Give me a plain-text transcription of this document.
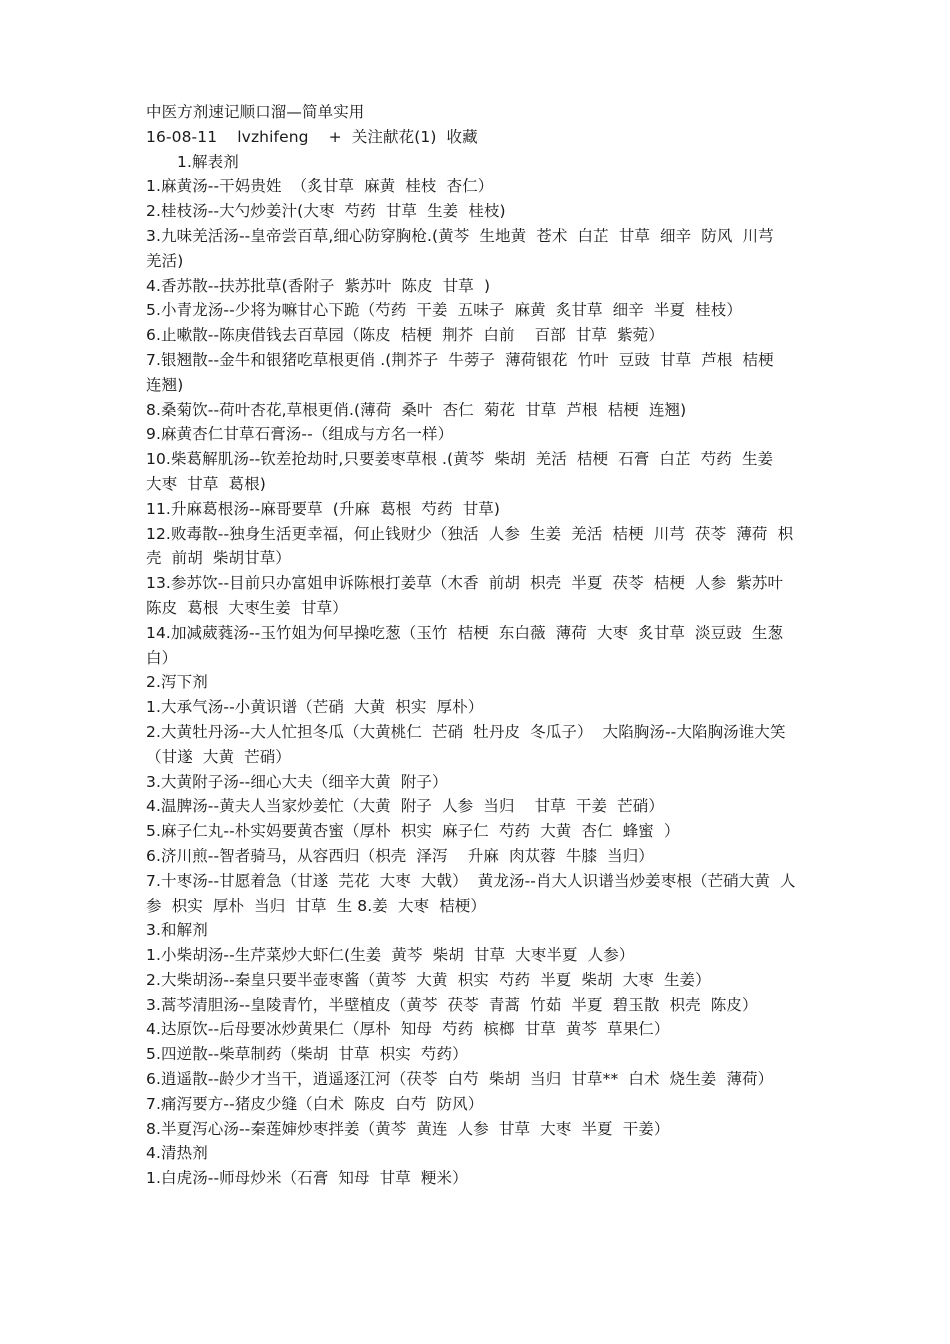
中医方剂速记顺口溜—简单实用
16-08-11    lvzhifeng    +  关注献花(1)  收藏
1.解表剂
1.麻黄汤--干妈贵姓  （炙甘草  麻黄  桂枝  杏仁）
2.桂枝汤--大勺炒姜汁(大枣  芍药  甘草  生姜  桂枝)
3.九味羌活汤--皇帝尝百草,细心防穿胸枪.(黄芩  生地黄  苍术  白芷  甘草  细辛  防风  川芎
羌活)
4.香苏散--扶苏批草(香附子  紫苏叶  陈皮  甘草  )
5.小青龙汤--少将为嘛甘心下跪（芍药  干姜  五味子  麻黄  炙甘草  细辛  半夏  桂枝）
6.止嗽散--陈庚借钱去百草园（陈皮  桔梗  荆芥  白前    百部  甘草  紫菀）
7.银翘散--金牛和银猪吃草根更俏 .(荆芥子  牛蒡子  薄荷银花  竹叶  豆豉  甘草  芦根  桔梗
连翘)
8.桑菊饮--荷叶杏花,草根更俏.(薄荷  桑叶  杏仁  菊花  甘草  芦根  桔梗  连翘)
9.麻黄杏仁甘草石膏汤--（组成与方名一样）
10.柴葛解肌汤--钦差抢劫时,只要姜枣草根 .(黄芩  柴胡  羌活  桔梗  石膏  白芷  芍药  生姜
大枣  甘草  葛根)
11.升麻葛根汤--麻哥要草  (升麻  葛根  芍药  甘草)
12.败毒散--独身生活更幸福，何止钱财少（独活  人参  生姜  羌活  桔梗  川芎  茯苓  薄荷  枳
壳  前胡  柴胡甘草）
13.参苏饮--目前只办富姐申诉陈根打姜草（木香  前胡  枳壳  半夏  茯苓  桔梗  人参  紫苏叶
陈皮  葛根  大枣生姜  甘草）
14.加减葳蕤汤--玉竹姐为何早操吃葱（玉竹  桔梗  东白薇  薄荷  大枣  炙甘草  淡豆豉  生葱
白）
2.泻下剂
1.大承气汤--小黄识谱（芒硝  大黄  枳实  厚朴）
2.大黄牡丹汤--大人忙担冬瓜（大黄桃仁  芒硝  牡丹皮  冬瓜子）  大陷胸汤--大陷胸汤谁大笑
（甘遂  大黄  芒硝）
3.大黄附子汤--细心大夫（细辛大黄  附子）
4.温脾汤--黄夫人当家炒姜忙（大黄  附子  人参  当归    甘草  干姜  芒硝）
5.麻子仁丸--朴实妈要黄杏蜜（厚朴  枳实  麻子仁  芍药  大黄  杏仁  蜂蜜  ）
6.济川煎--智者骑马，从容西归（枳壳  泽泻    升麻  肉苁蓉  牛膝  当归）
7.十枣汤--甘愿着急（甘遂  芫花  大枣  大戟）  黄龙汤--肖大人识谱当炒姜枣根（芒硝大黄  人
参  枳实  厚朴  当归  甘草  生 8.姜  大枣  桔梗）
3.和解剂
1.小柴胡汤--生芹菜炒大虾仁(生姜  黄芩  柴胡  甘草  大枣半夏  人参）
2.大柴胡汤--秦皇只要半壶枣酱（黄芩  大黄  枳实  芍药  半夏  柴胡  大枣  生姜）
3.蒿芩清胆汤--皇陵青竹，半壁植皮（黄芩  茯苓  青蒿  竹茹  半夏  碧玉散  枳壳  陈皮）
4.达原饮--后母要冰炒黄果仁（厚朴  知母  芍药  槟榔  甘草  黄芩  草果仁）
5.四逆散--柴草制药（柴胡  甘草  枳实  芍药）
6.逍遥散--龄少才当干，逍遥逐江河（茯苓  白芍  柴胡  当归  甘草**  白术  烧生姜  薄荷）
7.痛泻要方--猪皮少缝（白术  陈皮  白芍  防风）
8.半夏泻心汤--秦莲婶炒枣拌姜（黄芩  黄连  人参  甘草  大枣  半夏  干姜）
4.清热剂
1.白虎汤--师母炒米（石膏  知母  甘草  粳米）
